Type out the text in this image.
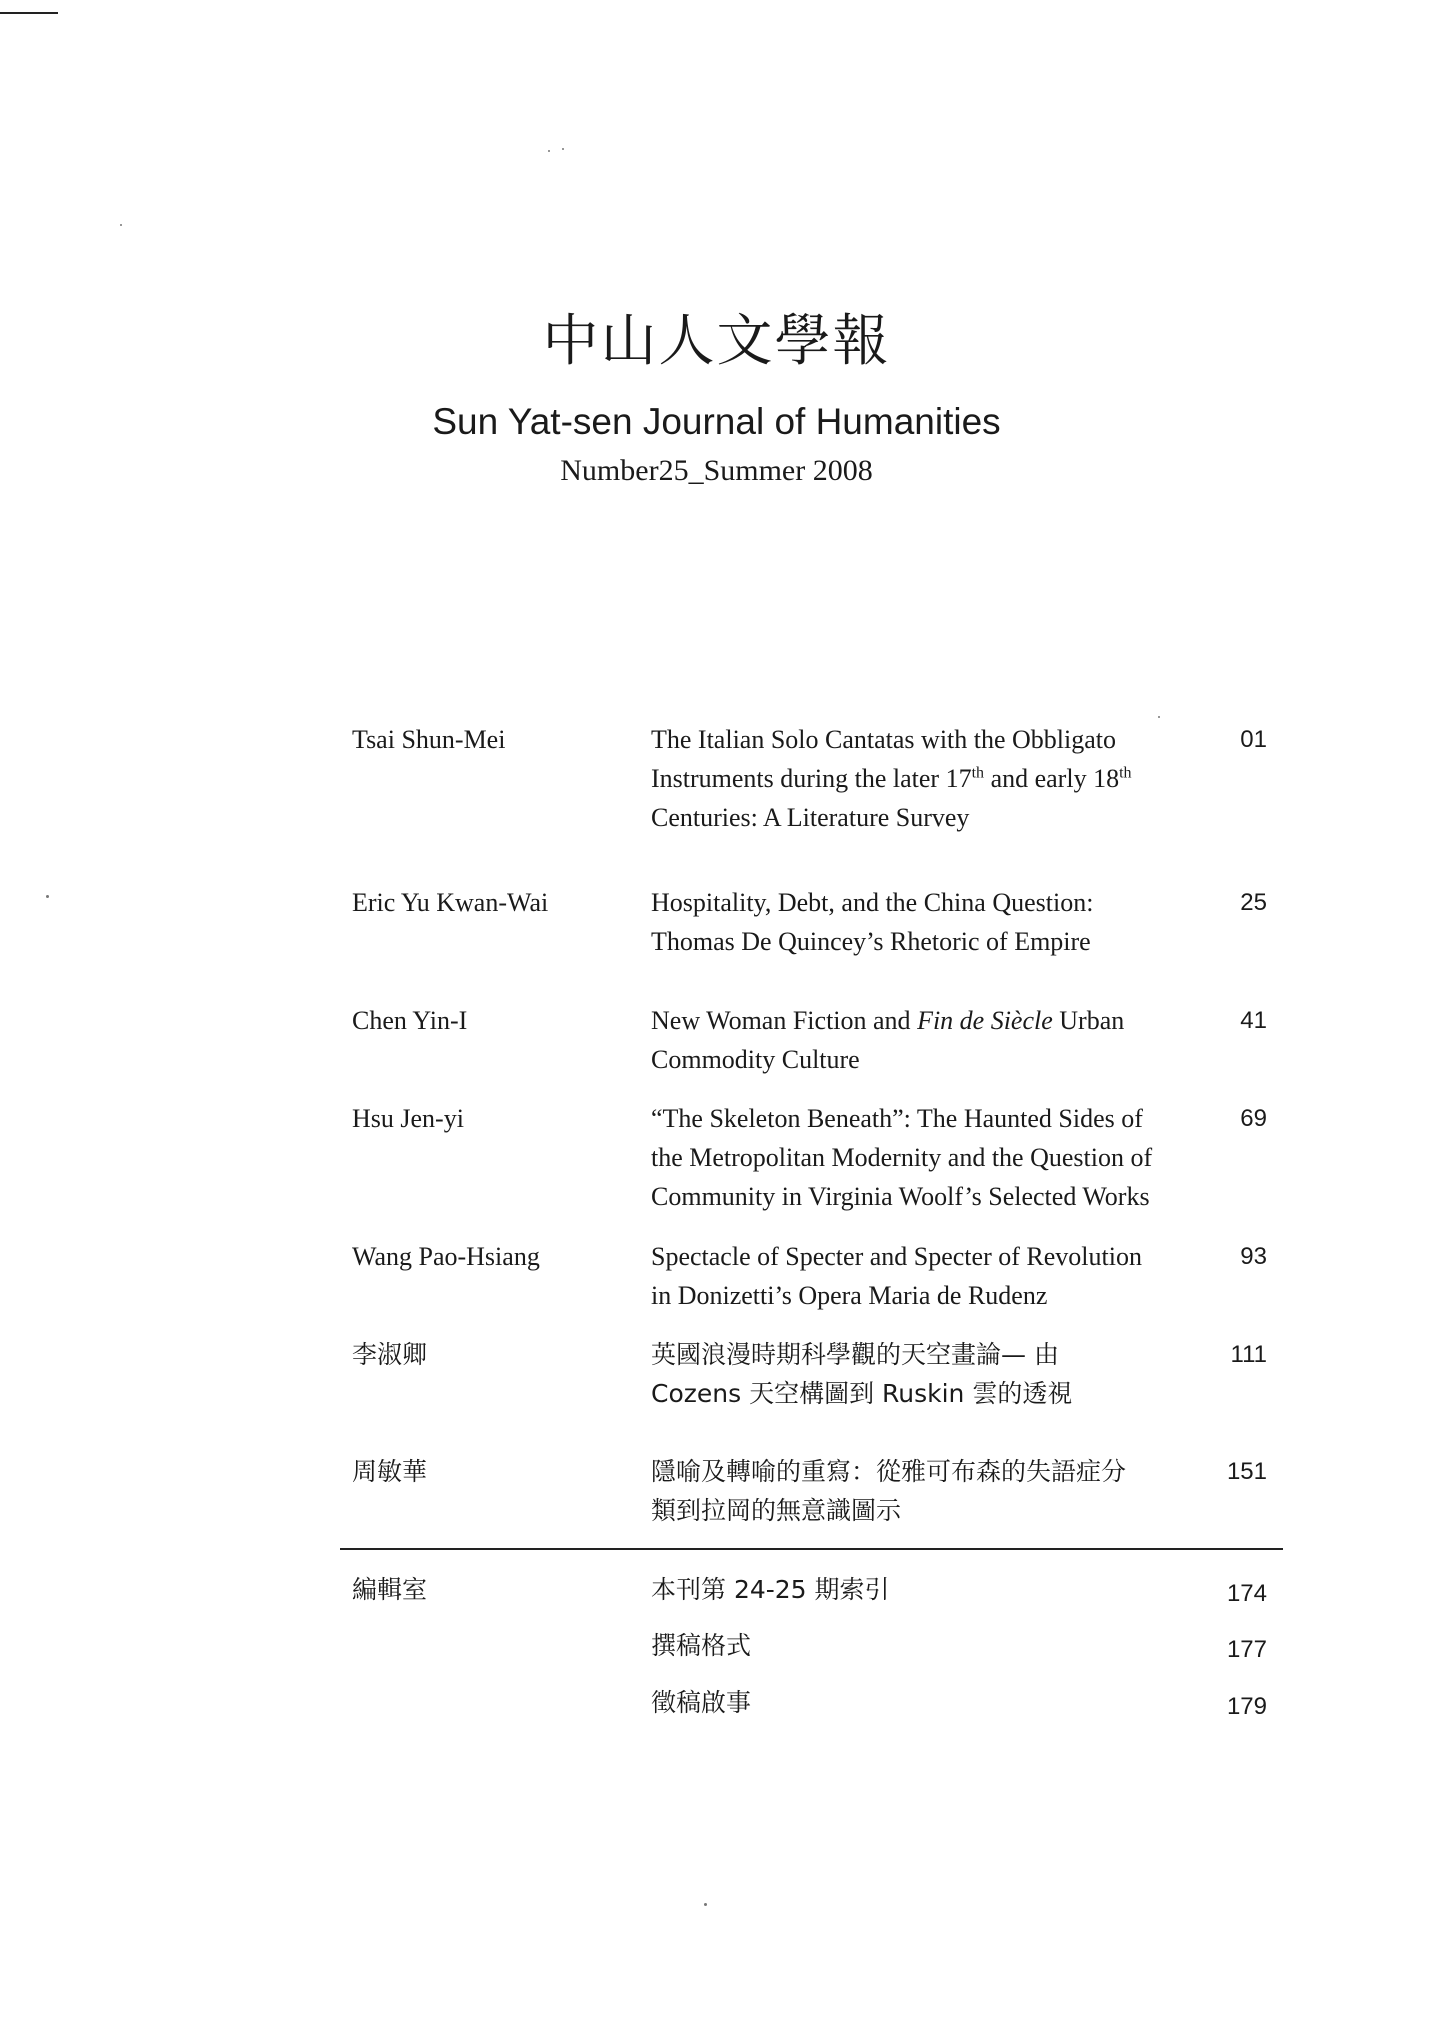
中山人文學報
Sun Yat-sen Journal of Humanities
Number25_Summer 2008
Tsai Shun-Mei	The Italian Solo Cantatas with the Obbligato
Instruments during the later 17th and early 18th
Centuries: A Literature Survey
01
Eric Yu Kwan-Wai	Hospitality, Debt, and the China Question:
Thomas De Quincey’s Rhetoric of Empire
25
Chen Yin-I	New Woman Fiction and Fin de Siècle Urban
Commodity Culture
41
Hsu Jen-yi	“The Skeleton Beneath”: The Haunted Sides of
the Metropolitan Modernity and the Question of
Community in Virginia Woolf’s Selected Works
69
Wang Pao-Hsiang	Spectacle of Specter and Specter of Revolution
in Donizetti’s Opera Maria de Rudenz
93
李淑卿	英國浪漫時期科學觀的天空畫論— 由
Cozens 天空構圖到 Ruskin 雲的透視
111
周敏華	隱喻及轉喻的重寫：從雅可布森的失語症分
類到拉岡的無意識圖示
151
編輯室	本刊第 24-25 期索引	174
撰稿格式	177
徵稿啟事	179
